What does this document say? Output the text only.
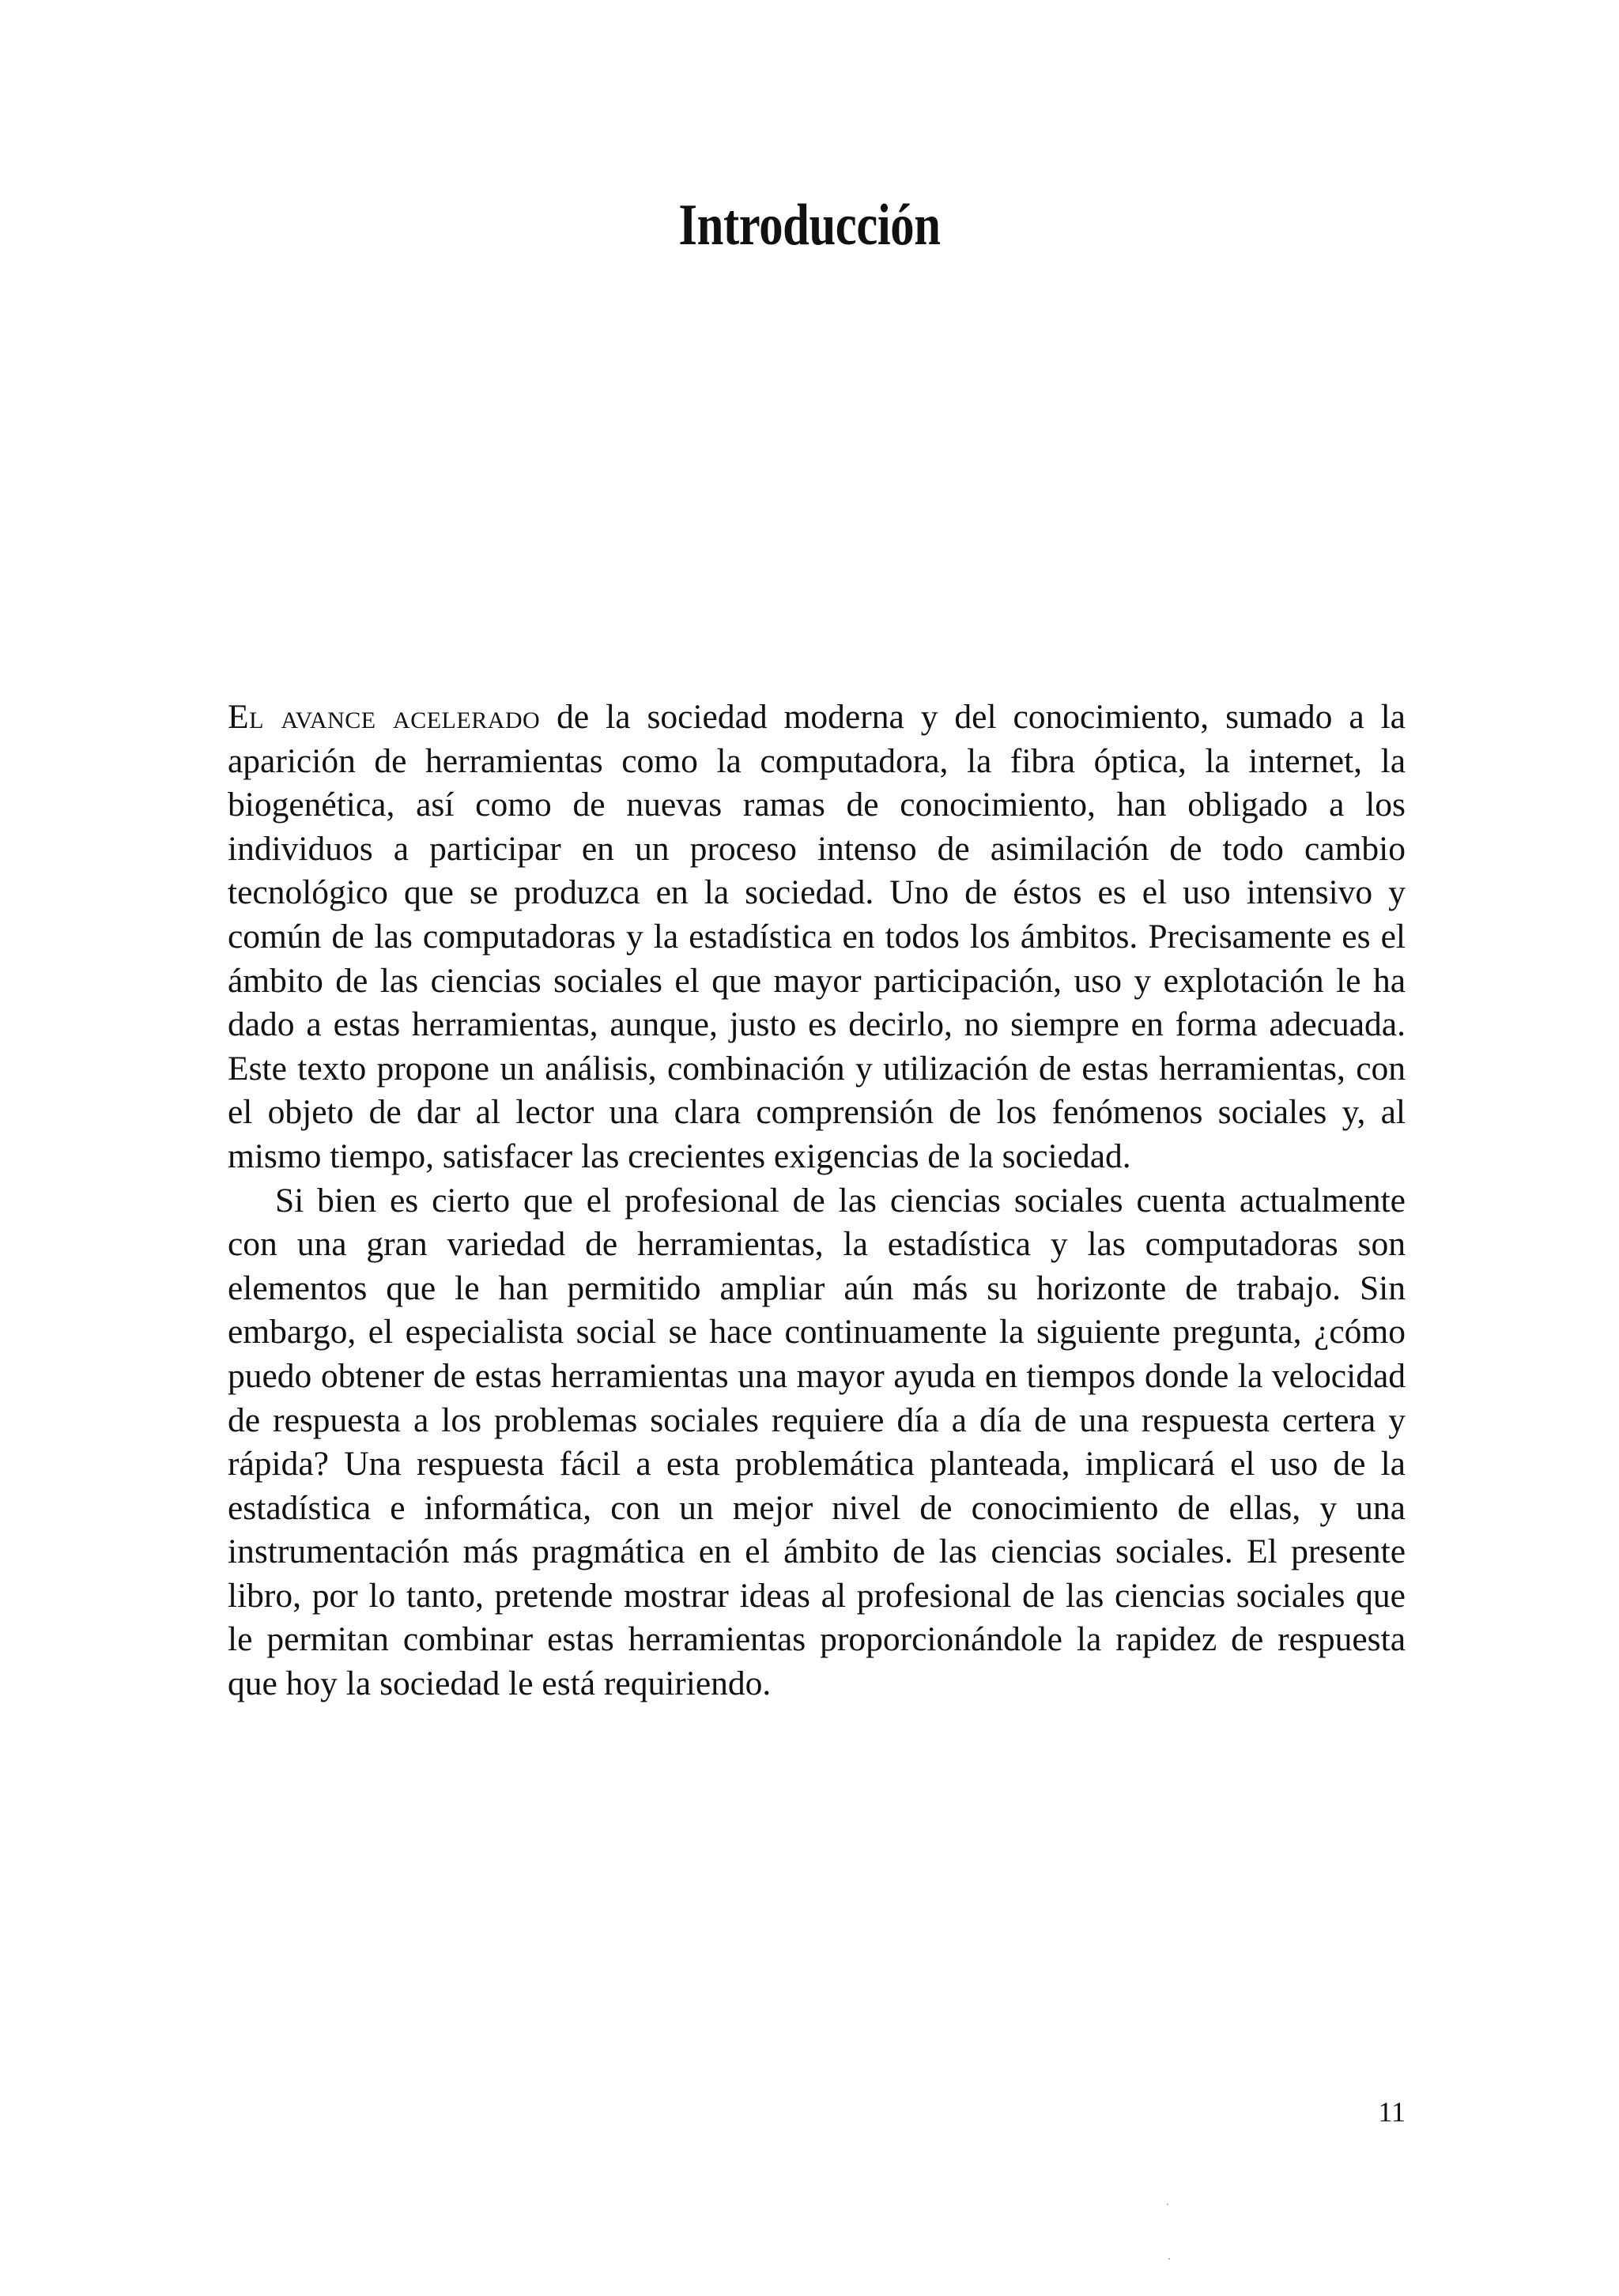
Introducción

El avance acelerado de la sociedad moderna y del conocimiento, sumado a la aparición de herramientas como la computadora, la fibra óptica, la internet, la biogenética, así como de nuevas ramas de conocimiento, han obligado a los individuos a participar en un proceso intenso de asimilación de todo cambio tecnológico que se produzca en la sociedad. Uno de éstos es el uso intensivo y común de las computadoras y la estadística en todos los ámbitos. Precisamente es el ámbito de las ciencias sociales el que mayor participación, uso y explotación le ha dado a estas herramientas, aunque, justo es decirlo, no siempre en forma adecuada. Este texto propone un análisis, combinación y utilización de estas herramientas, con el objeto de dar al lector una clara comprensión de los fenómenos sociales y, al mismo tiempo, satisfacer las crecientes exigencias de la sociedad.

Si bien es cierto que el profesional de las ciencias sociales cuenta actualmente con una gran variedad de herramientas, la estadística y las computadoras son elementos que le han permitido ampliar aún más su horizonte de trabajo. Sin embargo, el especialista social se hace continuamente la siguiente pregunta, ¿cómo puedo obtener de estas herramientas una mayor ayuda en tiempos donde la velocidad de respuesta a los problemas sociales requiere día a día de una respuesta certera y rápida? Una respuesta fácil a esta problemática planteada, implicará el uso de la estadística e informática, con un mejor nivel de conocimiento de ellas, y una instrumentación más pragmática en el ámbito de las ciencias sociales. El presente libro, por lo tanto, pretende mostrar ideas al profesional de las ciencias sociales que le permitan combinar estas herramientas proporcionándole la rapidez de respuesta que hoy la sociedad le está requiriendo.

11
